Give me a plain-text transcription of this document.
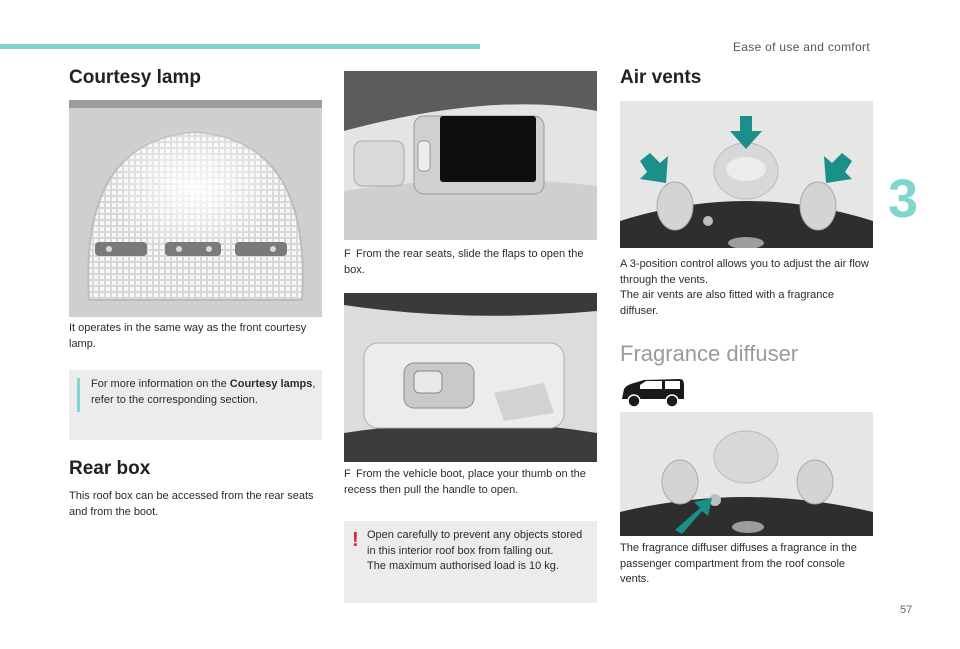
Ease of use and comfort
3
57
Courtesy lamp
It operates in the same way as the front courtesy lamp.
For more information on the Courtesy lamps, refer to the corresponding section.
Rear box
This roof box can be accessed from the rear seats and from the boot.
F From the rear seats, slide the flaps to open the box.
F From the vehicle boot, place your thumb on the recess then pull the handle to open.
! Open carefully to prevent any objects stored in this interior roof box from falling out.
The maximum authorised load is 10 kg.
Air vents
A 3-position control allows you to adjust the air flow through the vents.
The air vents are also fitted with a fragrance diffuser.
Fragrance diffuser
The fragrance diffuser diffuses a fragrance in the passenger compartment from the roof console vents.
